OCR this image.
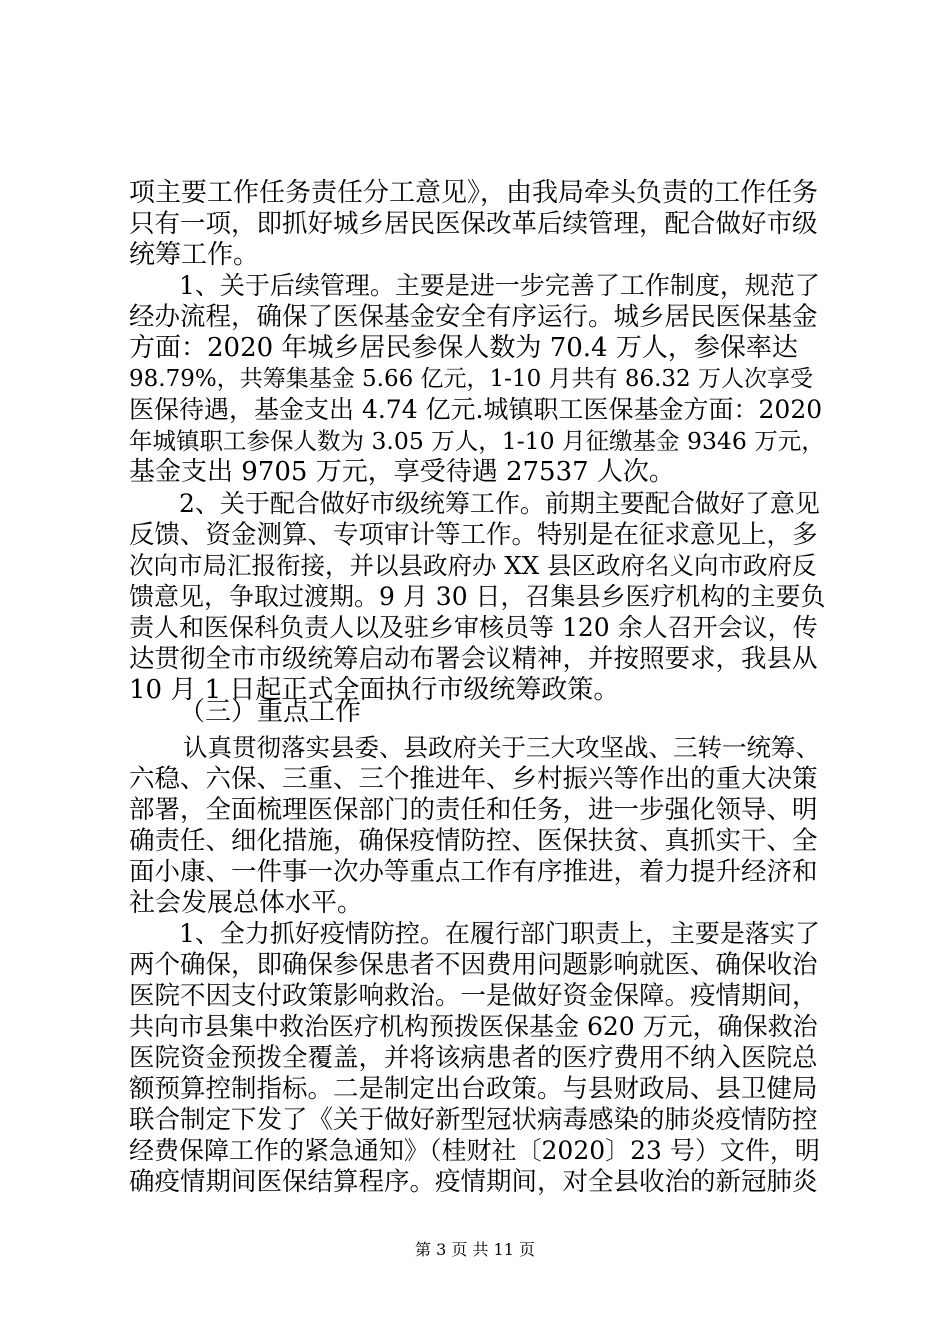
项主要工作任务责任分工意见》，由我局牵头负责的工作任务
只有一项，即抓好城乡居民医保改革后续管理，配合做好市级
统筹工作。
1、关于后续管理。主要是进一步完善了工作制度，规范了
经办流程，确保了医保基金安全有序运行。城乡居民医保基金
方面：2020 年城乡居民参保人数为 70.4 万人，参保率达
98.79%，共筹集基金 5.66 亿元，1-10 月共有 86.32 万人次享受
医保待遇，基金支出 4.74 亿元.城镇职工医保基金方面：2020
年城镇职工参保人数为 3.05 万人，1-10 月征缴基金 9346 万元，
基金支出 9705 万元，享受待遇 27537 人次。
2、关于配合做好市级统筹工作。前期主要配合做好了意见
反馈、资金测算、专项审计等工作。特别是在征求意见上，多
次向市局汇报衔接，并以县政府办 XX 县区政府名义向市政府反
馈意见，争取过渡期。9 月 30 日，召集县乡医疗机构的主要负
责人和医保科负责人以及驻乡审核员等 120 余人召开会议，传
达贯彻全市市级统筹启动布署会议精神，并按照要求，我县从
10 月 1 日起正式全面执行市级统筹政策。
（三）重点工作
认真贯彻落实县委、县政府关于三大攻坚战、三转一统筹、
六稳、六保、三重、三个推进年、乡村振兴等作出的重大决策
部署，全面梳理医保部门的责任和任务，进一步强化领导、明
确责任、细化措施，确保疫情防控、医保扶贫、真抓实干、全
面小康、一件事一次办等重点工作有序推进，着力提升经济和
社会发展总体水平。
1、全力抓好疫情防控。在履行部门职责上，主要是落实了
两个确保，即确保参保患者不因费用问题影响就医、确保收治
医院不因支付政策影响救治。一是做好资金保障。疫情期间，
共向市县集中救治医疗机构预拨医保基金 620 万元，确保救治
医院资金预拨全覆盖，并将该病患者的医疗费用不纳入医院总
额预算控制指标。二是制定出台政策。与县财政局、县卫健局
联合制定下发了《关于做好新型冠状病毒感染的肺炎疫情防控
经费保障工作的紧急通知》（桂财社〔2020〕23 号）文件，明
确疫情期间医保结算程序。疫情期间，对全县收治的新冠肺炎
第 3 页 共 11 页
